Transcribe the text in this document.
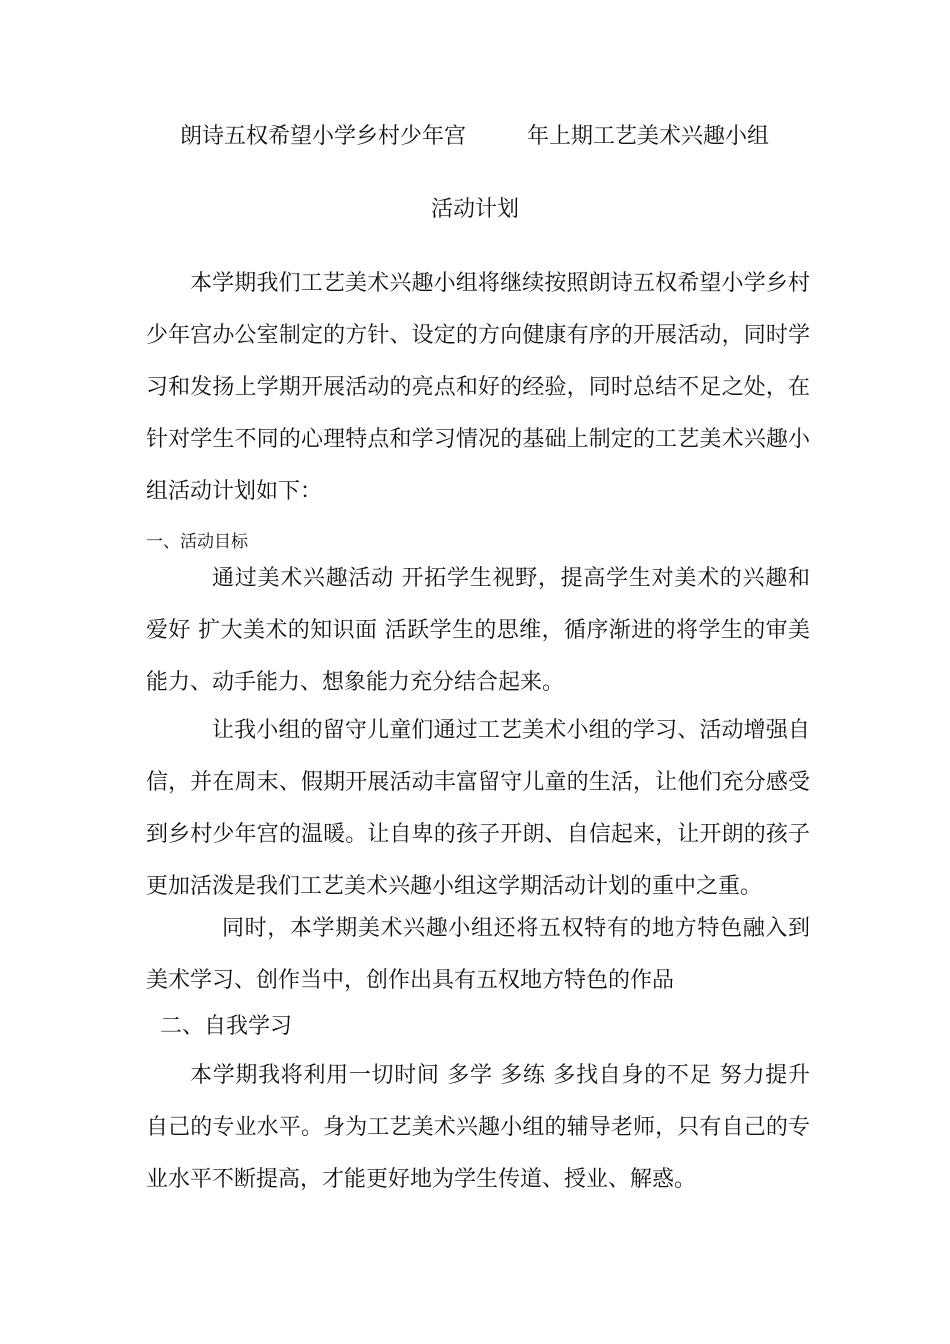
朗诗五权希望小学乡村少年宫	年上期工艺美术兴趣小组
活动计划

本学期我们工艺美术兴趣小组将继续按照朗诗五权希望小学乡村少年宫办公室制定的方针、设定的方向健康有序的开展活动，同时学习和发扬上学期开展活动的亮点和好的经验，同时总结不足之处，在针对学生不同的心理特点和学习情况的基础上制定的工艺美术兴趣小组活动计划如下：

一、活动目标

通过美术兴趣活动 开拓学生视野，提高学生对美术的兴趣和爱好 扩大美术的知识面 活跃学生的思维，循序渐进的将学生的审美能力、动手能力、想象能力充分结合起来。

让我小组的留守儿童们通过工艺美术小组的学习、活动增强自信，并在周末、假期开展活动丰富留守儿童的生活，让他们充分感受到乡村少年宫的温暖。让自卑的孩子开朗、自信起来，让开朗的孩子更加活泼是我们工艺美术兴趣小组这学期活动计划的重中之重。

同时，本学期美术兴趣小组还将五权特有的地方特色融入到美术学习、创作当中，创作出具有五权地方特色的作品

二、自我学习

本学期我将利用一切时间 多学 多练 多找自身的不足 努力提升自己的专业水平。身为工艺美术兴趣小组的辅导老师，只有自己的专业水平不断提高，才能更好地为学生传道、授业、解惑。
